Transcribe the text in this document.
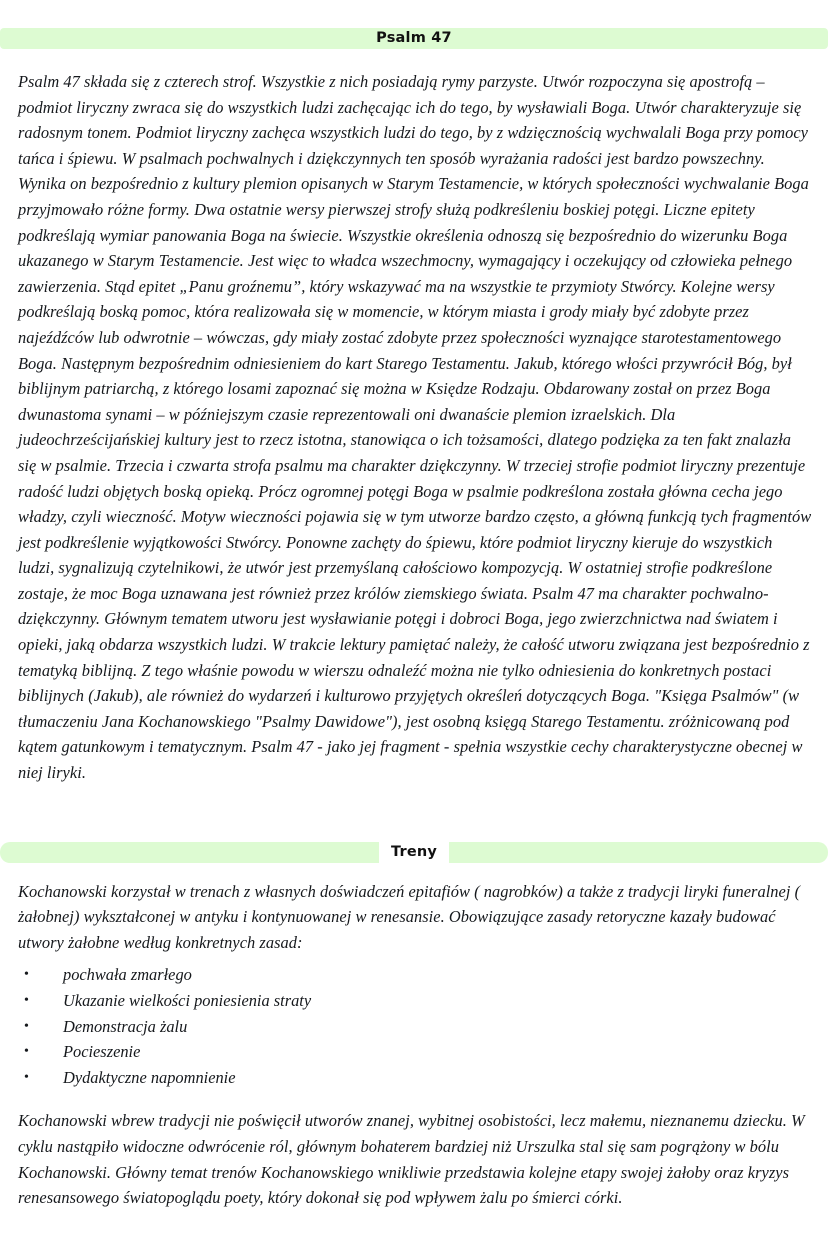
Psalm 47

Psalm 47 składa się z czterech strof. Wszystkie z nich posiadają rymy parzyste. Utwór rozpoczyna się apostrofą – podmiot liryczny zwraca się do wszystkich ludzi zachęcając ich do tego, by wysławiali Boga. Utwór charakteryzuje się radosnym tonem. Podmiot liryczny zachęca wszystkich ludzi do tego, by z wdzięcznością wychwalali Boga przy pomocy tańca i śpiewu. W psalmach pochwalnych i dziękczynnych ten sposób wyrażania radości jest bardzo powszechny. Wynika on bezpośrednio z kultury plemion opisanych w Starym Testamencie, w których społeczności wychwalanie Boga przyjmowało różne formy. Dwa ostatnie wersy pierwszej strofy służą podkreśleniu boskiej potęgi. Liczne epitety podkreślają wymiar panowania Boga na świecie. Wszystkie określenia odnoszą się bezpośrednio do wizerunku Boga ukazanego w Starym Testamencie. Jest więc to władca wszechmocny, wymagający i oczekujący od człowieka pełnego zawierzenia. Stąd epitet „Panu groźnemu”, który wskazywać ma na wszystkie te przymioty Stwórcy. Kolejne wersy podkreślają boską pomoc, która realizowała się w momencie, w którym miasta i grody miały być zdobyte przez najeźdźców lub odwrotnie – wówczas, gdy miały zostać zdobyte przez społeczności wyznające starotestamentowego Boga. Następnym bezpośrednim odniesieniem do kart Starego Testamentu. Jakub, którego włości przywrócił Bóg, był biblijnym patriarchą, z którego losami zapoznać się można w Księdze Rodzaju. Obdarowany został on przez Boga dwunastoma synami – w późniejszym czasie reprezentowali oni dwanaście plemion izraelskich. Dla judeochrześcijańskiej kultury jest to rzecz istotna, stanowiąca o ich tożsamości, dlatego podzięka za ten fakt znalazła się w psalmie. Trzecia i czwarta strofa psalmu ma charakter dziękczynny. W trzeciej strofie podmiot liryczny prezentuje radość ludzi objętych boską opieką. Prócz ogromnej potęgi Boga w psalmie podkreślona została główna cecha jego władzy, czyli wieczność. Motyw wieczności pojawia się w tym utworze bardzo często, a główną funkcją tych fragmentów jest podkreślenie wyjątkowości Stwórcy. Ponowne zachęty do śpiewu, które podmiot liryczny kieruje do wszystkich ludzi, sygnalizują czytelnikowi, że utwór jest przemyślaną całościowo kompozycją. W ostatniej strofie podkreślone zostaje, że moc Boga uznawana jest również przez królów ziemskiego świata. Psalm 47 ma charakter pochwalno-dziękczynny. Głównym tematem utworu jest wysławianie potęgi i dobroci Boga, jego zwierzchnictwa nad światem i opieki, jaką obdarza wszystkich ludzi. W trakcie lektury pamiętać należy, że całość utworu związana jest bezpośrednio z tematyką biblijną. Z tego właśnie powodu w wierszu odnaleźć można nie tylko odniesienia do konkretnych postaci biblijnych (Jakub), ale również do wydarzeń i kulturowo przyjętych określeń dotyczących Boga. "Księga Psalmów" (w tłumaczeniu Jana Kochanowskiego "Psalmy Dawidowe"), jest osobną księgą Starego Testamentu. zróżnicowaną pod kątem gatunkowym i tematycznym. Psalm 47 - jako jej fragment - spełnia wszystkie cechy charakterystyczne obecnej w niej liryki.

Treny

Kochanowski korzystał w trenach z własnych doświadczeń epitafiów ( nagrobków) a także z tradycji liryki funeralnej ( żałobnej) wykształconej w antyku i kontynuowanej w renesansie. Obowiązujące zasady retoryczne kazały budować utwory żałobne według konkretnych zasad:

• pochwała zmarłego
• Ukazanie wielkości poniesienia straty
• Demonstracja żalu
• Pocieszenie
• Dydaktyczne napomnienie

Kochanowski wbrew tradycji nie poświęcił utworów znanej, wybitnej osobistości, lecz małemu, nieznanemu dziecku. W cyklu nastąpiło widoczne odwrócenie ról, głównym bohaterem bardziej niż Urszulka stal się sam pogrążony w bólu Kochanowski. Główny temat trenów Kochanowskiego wnikliwie przedstawia kolejne etapy swojej żałoby oraz kryzys renesansowego światopoglądu poety, który dokonał się pod wpływem żalu po śmierci córki.
